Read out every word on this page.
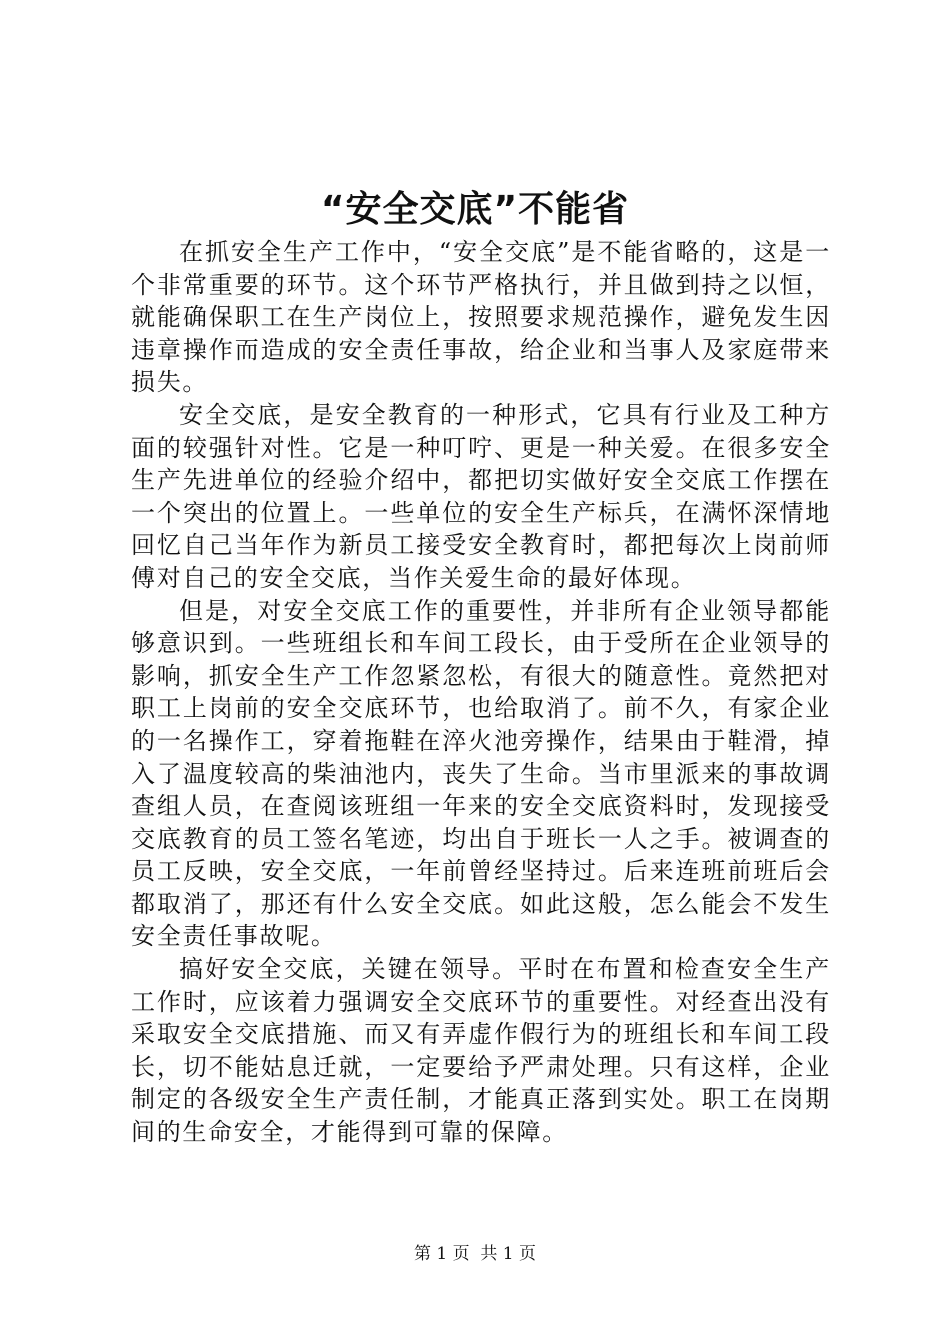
“安全交底”不能省

在抓安全生产工作中，“安全交底”是不能省略的，这是一个非常重要的环节。这个环节严格执行，并且做到持之以恒，就能确保职工在生产岗位上，按照要求规范操作，避免发生因违章操作而造成的安全责任事故，给企业和当事人及家庭带来损失。

安全交底，是安全教育的一种形式，它具有行业及工种方面的较强针对性。它是一种叮咛、更是一种关爱。在很多安全生产先进单位的经验介绍中，都把切实做好安全交底工作摆在一个突出的位置上。一些单位的安全生产标兵，在满怀深情地回忆自己当年作为新员工接受安全教育时，都把每次上岗前师傅对自己的安全交底，当作关爱生命的最好体现。

但是，对安全交底工作的重要性，并非所有企业领导都能够意识到。一些班组长和车间工段长，由于受所在企业领导的影响，抓安全生产工作忽紧忽松，有很大的随意性。竟然把对职工上岗前的安全交底环节，也给取消了。前不久，有家企业的一名操作工，穿着拖鞋在淬火池旁操作，结果由于鞋滑，掉入了温度较高的柴油池内，丧失了生命。当市里派来的事故调查组人员，在查阅该班组一年来的安全交底资料时，发现接受交底教育的员工签名笔迹，均出自于班长一人之手。被调查的员工反映，安全交底，一年前曾经坚持过。后来连班前班后会都取消了，那还有什么安全交底。如此这般，怎么能会不发生安全责任事故呢。

搞好安全交底，关键在领导。平时在布置和检查安全生产工作时，应该着力强调安全交底环节的重要性。对经查出没有采取安全交底措施、而又有弄虚作假行为的班组长和车间工段长，切不能姑息迁就，一定要给予严肃处理。只有这样，企业制定的各级安全生产责任制，才能真正落到实处。职工在岗期间的生命安全，才能得到可靠的保障。

第 1 页 共 1 页
